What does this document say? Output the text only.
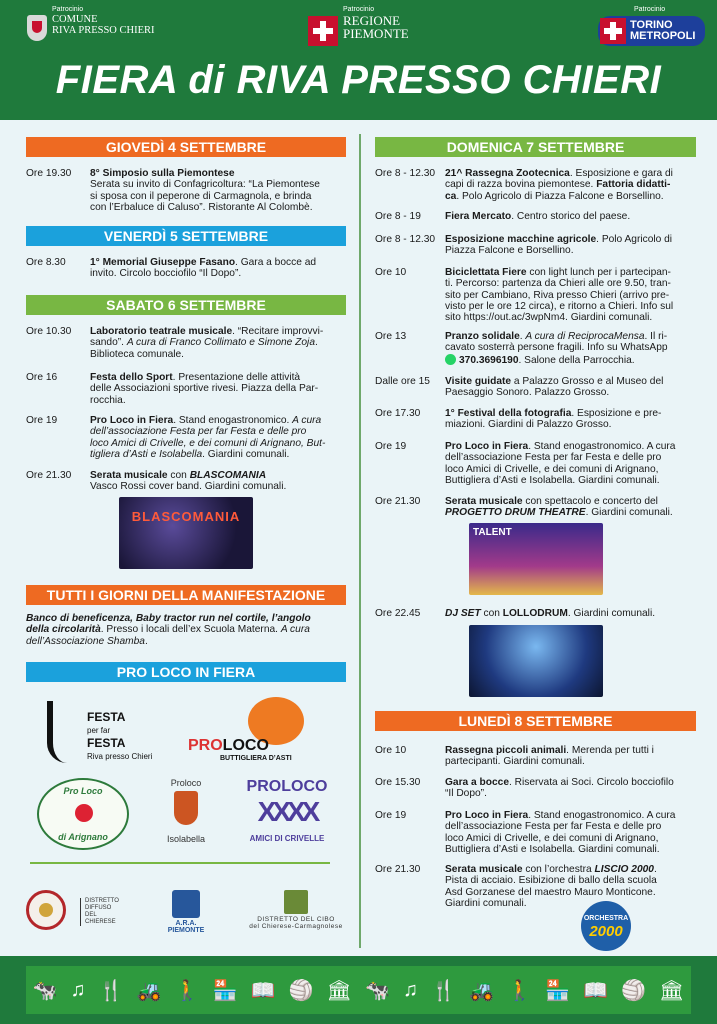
Patrocinio
COMUNE
RIVA PRESSO CHIERI
Patrocinio
REGIONE
PIEMONTE
Patrocinio
TORINO
METROPOLI
FIERA di RIVA PRESSO CHIERI
GIOVEDÌ 4 SETTEMBRE
Ore 19.30 8° Simposio sulla Piemontese
Serata su invito di Confagricoltura: “La Piemontese
si sposa con il peperone di Carmagnola, e brinda
con l’Erbaluce di Caluso”. Ristorante Al Colombè.
VENERDÌ 5 SETTEMBRE
Ore 8.30 1° Memorial Giuseppe Fasano. Gara a bocce ad
invito. Circolo bocciofilo “Il Dopo”.
SABATO 6 SETTEMBRE
Ore 10.30 Laboratorio teatrale musicale. “Recitare improvvi-
sando”. A cura di Franco Collimato e Simone Zoja.
Biblioteca comunale.
Ore 16	Festa dello Sport. Presentazione delle attività
delle Associazioni sportive rivesi. Piazza della Par-
rocchia.
Ore 19	Pro Loco in Fiera. Stand enogastronomico. A cura
dell’associazione Festa per far Festa e delle pro
loco Amici di Crivelle, e dei comuni di Arignano, But-
tigliera d’Asti e Isolabella. Giardini comunali.
Ore 21.30 Serata musicale con BLASCOMANIA
Vasco Rossi cover band. Giardini comunali.
BLASCOMANIA
TUTTI I GIORNI DELLA MANIFESTAZIONE
Banco di beneficenza, Baby tractor run nel cortile, l’angolo
della circolarità. Presso i locali dell’ex Scuola Materna. A cura
dell’Associazione Shamba.
PRO LOCO IN FIERA
FESTA

per far
FESTA
Riva presso Chieri
PROLOCO
BUTTIGLIERA D’ASTI
Pro Loco
di Arignano
Proloco
Isolabella
PROLOCO
XXXX
AMICI DI CRIVELLE
DISTRETTO
DIFFUSO
DEL CHIERESE	A.R.A.
PIEMONTE
DISTRETTO DEL CIBO
del Chierese-Carmagnolese
DOMENICA 7 SETTEMBRE
Ore 8 - 12.30 21^ Rassegna Zootecnica. Esposizione e gara di
capi di razza bovina piemontese. Fattoria didatti-
ca. Polo Agricolo di Piazza Falcone e Borsellino.
Ore 8 - 19 Fiera Mercato. Centro storico del paese.
Ore 8 - 12.30 Esposizione macchine agricole. Polo Agricolo di
Piazza Falcone e Borsellino.
Ore 10	Biciclettata Fiere con light lunch per i partecipan-
ti. Percorso: partenza da Chieri alle ore 9.50, tran-
sito per Cambiano, Riva presso Chieri (arrivo pre-
visto per le ore 12 circa), e ritorno a Chieri. Info sul
sito https://out.ac/3wpNm4. Giardini comunali.
Ore 13	Pranzo solidale. A cura di ReciprocaMensa. Il ri-
cavato sosterrà persone fragili. Info su WhatsApp
370.3696190. Salone della Parrocchia.
Dalle ore 15 Visite guidate a Palazzo Grosso e al Museo del
Paesaggio Sonoro. Palazzo Grosso.
Ore 17.30 1° Festival della fotografia. Esposizione e pre-
miazioni. Giardini di Palazzo Grosso.
Ore 19	Pro Loco in Fiera. Stand enogastronomico. A cura
dell’associazione Festa per far Festa e delle pro
loco Amici di Crivelle, e dei comuni di Arignano,
Buttigliera d’Asti e Isolabella. Giardini comunali.
Ore 21.30 Serata musicale con spettacolo e concerto del
PROGETTO DRUM THEATRE. Giardini comunali.
TALENT
Ore 22.45 DJ SET con LOLLODRUM. Giardini comunali.
LUNEDÌ 8 SETTEMBRE
Ore 10	Rassegna piccoli animali. Merenda per tutti i
partecipanti. Giardini comunali.
Ore 15.30 Gara a bocce. Riservata ai Soci. Circolo bocciofilo
“Il Dopo”.
Ore 19	Pro Loco in Fiera. Stand enogastronomico. A cura
dell’associazione Festa per far Festa e delle pro
loco Amici di Crivelle, e dei comuni di Arignano,
Buttigliera d’Asti e Isolabella. Giardini comunali.
Ore 21.30 Serata musicale con l’orchestra LISCIO 2000.
Pista di acciaio. Esibizione di ballo della scuola
Asd Gorzanese del maestro Mauro Monticone.
Giardini comunali.
ORCHESTRA
2000
🐄 ♫ 🍴 🚜 🚶 🏪 📖 🏐 🏛 🐄 ♫ 🍴 🚜 🚶 🏪 📖 🏐 🏛
